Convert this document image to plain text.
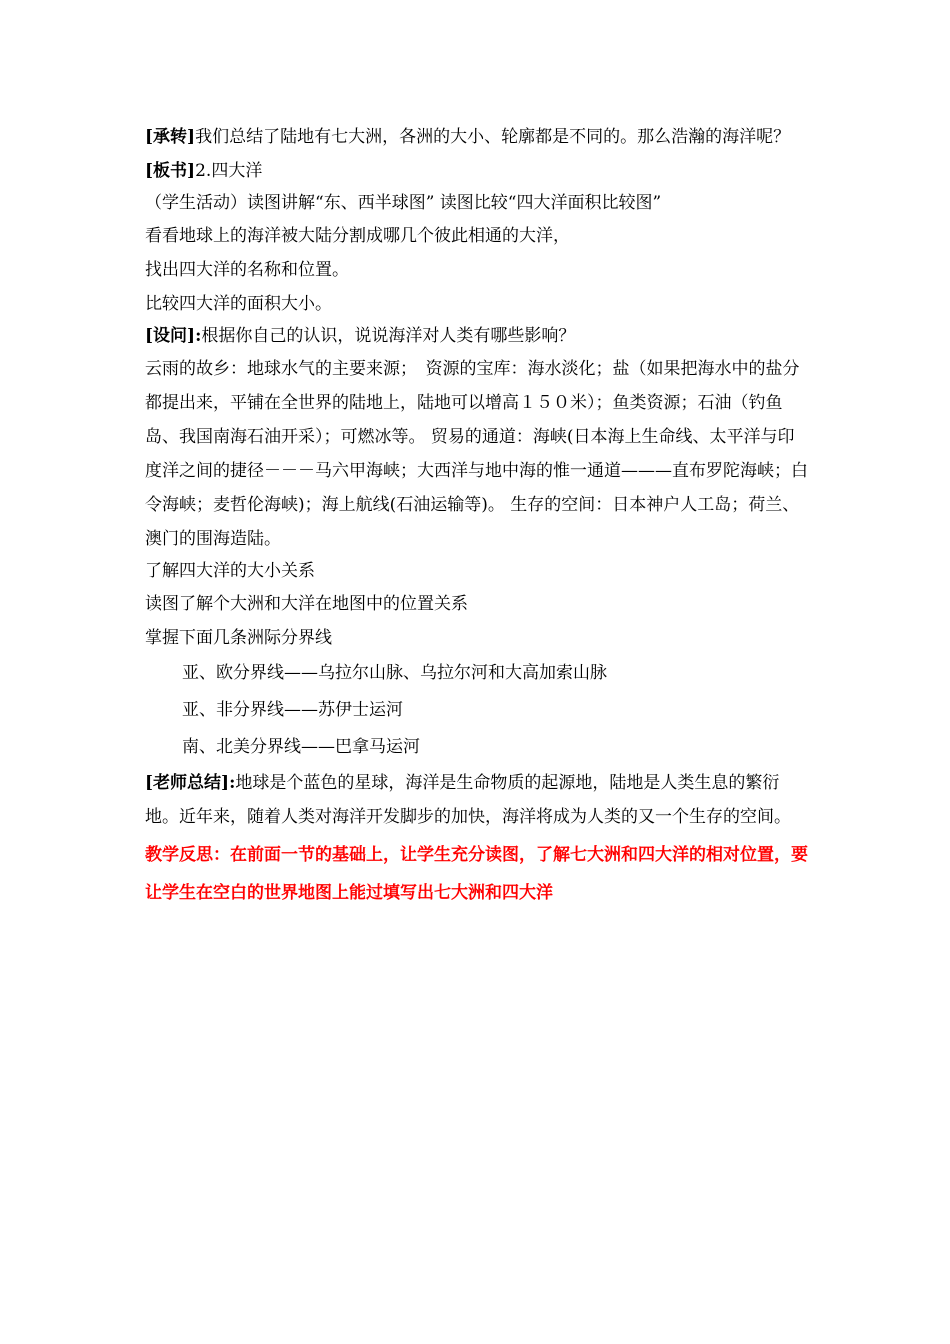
[承转]我们总结了陆地有七大洲，各洲的大小、轮廓都是不同的。那么浩瀚的海洋呢？

[板书]2.四大洋

（学生活动）读图讲解“东、西半球图” 读图比较“四大洋面积比较图”

看看地球上的海洋被大陆分割成哪几个彼此相通的大洋，

找出四大洋的名称和位置。

比较四大洋的面积大小。

[设问]:根据你自己的认识，说说海洋对人类有哪些影响？

云雨的故乡：地球水气的主要来源；　资源的宝库：海水淡化；盐（如果把海水中的盐分都提出来，平铺在全世界的陆地上，陆地可以增高１５０米）；鱼类资源；石油（钓鱼岛、我国南海石油开采）；可燃冰等。 贸易的通道：海峡(日本海上生命线、太平洋与印度洋之间的捷径－－－马六甲海峡；大西洋与地中海的惟一通道———直布罗陀海峡；白令海峡；麦哲伦海峡)；海上航线(石油运输等)。 生存的空间：日本神户人工岛；荷兰、澳门的围海造陆。

了解四大洋的大小关系

读图了解个大洲和大洋在地图中的位置关系

掌握下面几条洲际分界线

亚、欧分界线——乌拉尔山脉、乌拉尔河和大高加索山脉

亚、非分界线——苏伊士运河

南、北美分界线——巴拿马运河

[老师总结]:地球是个蓝色的星球，海洋是生命物质的起源地，陆地是人类生息的繁衍地。近年来，随着人类对海洋开发脚步的加快，海洋将成为人类的又一个生存的空间。

教学反思：在前面一节的基础上，让学生充分读图，了解七大洲和四大洋的相对位置，要让学生在空白的世界地图上能过填写出七大洲和四大洋
